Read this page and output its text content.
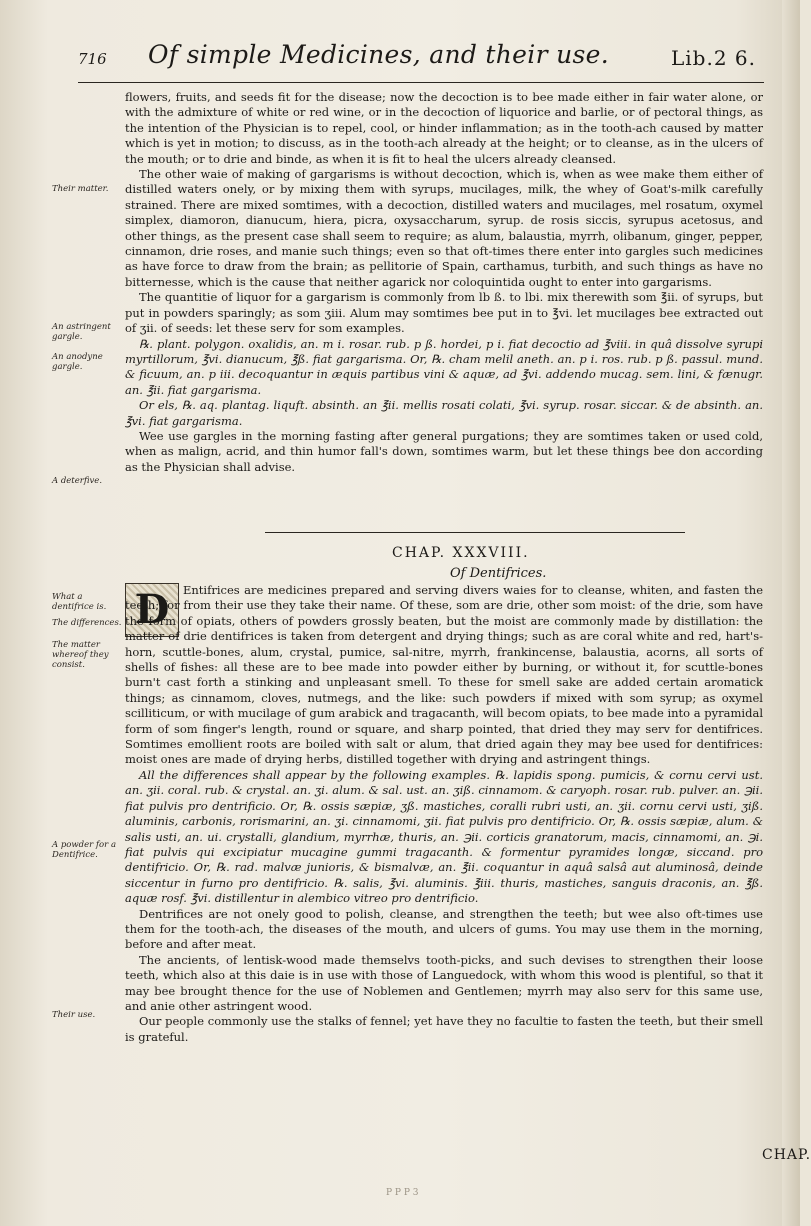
716 Of simple Medicines, and their use.	Lib.2 6.
Their matter.
An astringent gargle.
An anodyne gargle.
A deterfive.
What a dentifrice is.
The differences.
The matter whereof they consist.
A powder for a Dentifrice.
Their use.

flowers, fruits, and seeds fit for the disease; now the decoction is to bee made either in fair water alone, or with the admixture of white or red wine, or in the decoction of liquorice and barlie, or of pectoral things, as the intention of the Physician is to repel, cool, or hinder inflammation; as in the tooth-ach caused by matter which is yet in motion; to discuss, as in the tooth-ach already at the height; or to cleanse, as in the ulcers of the mouth; or to drie and binde, as when it is fit to heal the ulcers already cleansed.

The other waie of making of gargarisms is without decoction, which is, when as wee make them either of distilled waters onely, or by mixing them with syrups, mucilages, milk, the whey of Goat's-milk carefully strained. There are mixed somtimes, with a decoction, distilled waters and mucilages, mel rosatum, oxymel simplex, diamoron, dianucum, hiera, picra, oxysaccharum, syrup. de rosis siccis, syrupus acetosus, and other things, as the present case shall seem to require; as alum, balaustia, myrrh, olibanum, ginger, pepper, cinnamon, drie roses, and manie such things; even so that oft-times there enter into gargles such medicines as have force to draw from the brain; as pellitorie of Spain, carthamus, turbith, and such things as have no bitternesse, which is the cause that neither agarick nor coloquintida ought to enter into gargarisms.

The quantitie of liquor for a gargarism is commonly from lb ß. to lbi. mix therewith som ℥ii. of syrups, but put in powders sparingly; as som ʒiii. Alum may somtimes bee put in to ℥vi. let mucilages bee extracted out of ʒii. of seeds: let these serv for som examples.

℞. plant. polygon. oxalidis, an. m i. rosar. rub. p ß. hordei, p i. fiat decoctio ad ℥viii. in quâ dissolve syrupi myrtillorum, ℥vi. dianucum, ℥ß. fiat gargarisma. Or, ℞. cham melil aneth. an. p i. ros. rub. p ß. passul. mund. & ficuum, an. p iii. decoquantur in æquis partibus vini & aquæ, ad ℥vi. addendo mucag. sem. lini, & fænugr. an. ℥ii. fiat gargarisma.

Or els, ℞. aq. plantag. liquft. absinth. an ℥ii. mellis rosati colati, ℥vi. syrup. rosar. siccar. & de absinth. an. ℥vi. fiat gargarisma.

Wee use gargles in the morning fasting after general purgations; they are somtimes taken or used cold, when as malign, acrid, and thin humor fall's down, somtimes warm, but let these things bee don according as the Physician shall advise.

CHAP. XXXVIII.
Of Dentifrices.
D	Entifrices are medicines prepared and serving divers waies for to cleanse, whiten, and fasten the teeth; for from their use they take their name. Of these, som are drie, other som moist: of the drie, som have the form of opiats, others of powders grossly beaten, but the moist are commonly made by distillation: the matter of drie dentifrices is taken from detergent and drying things; such as are coral white and red, hart's-horn, scuttle-bones, alum, crystal, pumice, sal-nitre, myrrh, frankincense, balaustia, acorns, all sorts of shells of fishes: all these are to bee made into powder either by burning, or without it, for scuttle-bones burn't cast forth a stinking and unpleasant smell. To these for smell sake are added certain aromatick things; as cinnamom, cloves, nutmegs, and the like: such powders if mixed with som syrup; as oxymel scilliticum, or with mucilage of gum arabick and tragacanth, will becom opiats, to bee made into a pyramidal form of som finger's length, round or square, and sharp pointed, that dried they may serv for dentifrices. Somtimes emollient roots are boiled with salt or alum, that dried again they may bee used for dentifrices: moist ones are made of drying herbs, distilled together with drying and astringent things.

All the differences shall appear by the following examples. ℞. lapidis spong. pumicis, & cornu cervi ust. an. ʒii. coral. rub. & crystal. an. ʒi. alum. & sal. ust. an. ʒiß. cinnamom. & caryoph. rosar. rub. pulver. an. ℈ii. fiat pulvis pro dentrificio. Or, ℞. ossis sæpiæ, ʒß. mastiches, coralli rubri usti, an. ʒii. cornu cervi usti, ʒiß. aluminis, carbonis, rorismarini, an. ʒi. cinnamomi, ʒii. fiat pulvis pro dentifricio. Or, ℞. ossis sæpiæ, alum. & salis usti, an. ui. crystalli, glandium, myrrhæ, thuris, an. ℈ii. corticis granatorum, macis, cinnamomi, an. ℈i. fiat pulvis qui excipiatur mucagine gummi tragacanth. & formentur pyramides longæ, siccand. pro dentifricio. Or, ℞. rad. malvæ junioris, & bismalvæ, an. ℥ii. coquantur in aquâ salsâ aut aluminosâ, deinde siccentur in furno pro dentifricio. ℞. salis, ℥vi. aluminis. ℥iii. thuris, mastiches, sanguis draconis, an. ℥ß. aquæ rosf. ℥vi. distillentur in alembico vitreo pro dentrificio.

Dentrifices are not onely good to polish, cleanse, and strengthen the teeth; but wee also oft-times use them for the tooth-ach, the diseases of the mouth, and ulcers of gums. You may use them in the morning, before and after meat.

The ancients, of lentisk-wood made themselvs tooth-picks, and such devises to strengthen their loose teeth, which also at this daie is in use with those of Languedock, with whom this wood is plentiful, so that it may bee brought thence for the use of Noblemen and Gentlemen; myrrh may also serv for this same use, and anie other astringent wood.

Our people commonly use the stalks of fennel; yet have they no facultie to fasten the teeth, but their smell is grateful.

CHAP.
P P P 3
